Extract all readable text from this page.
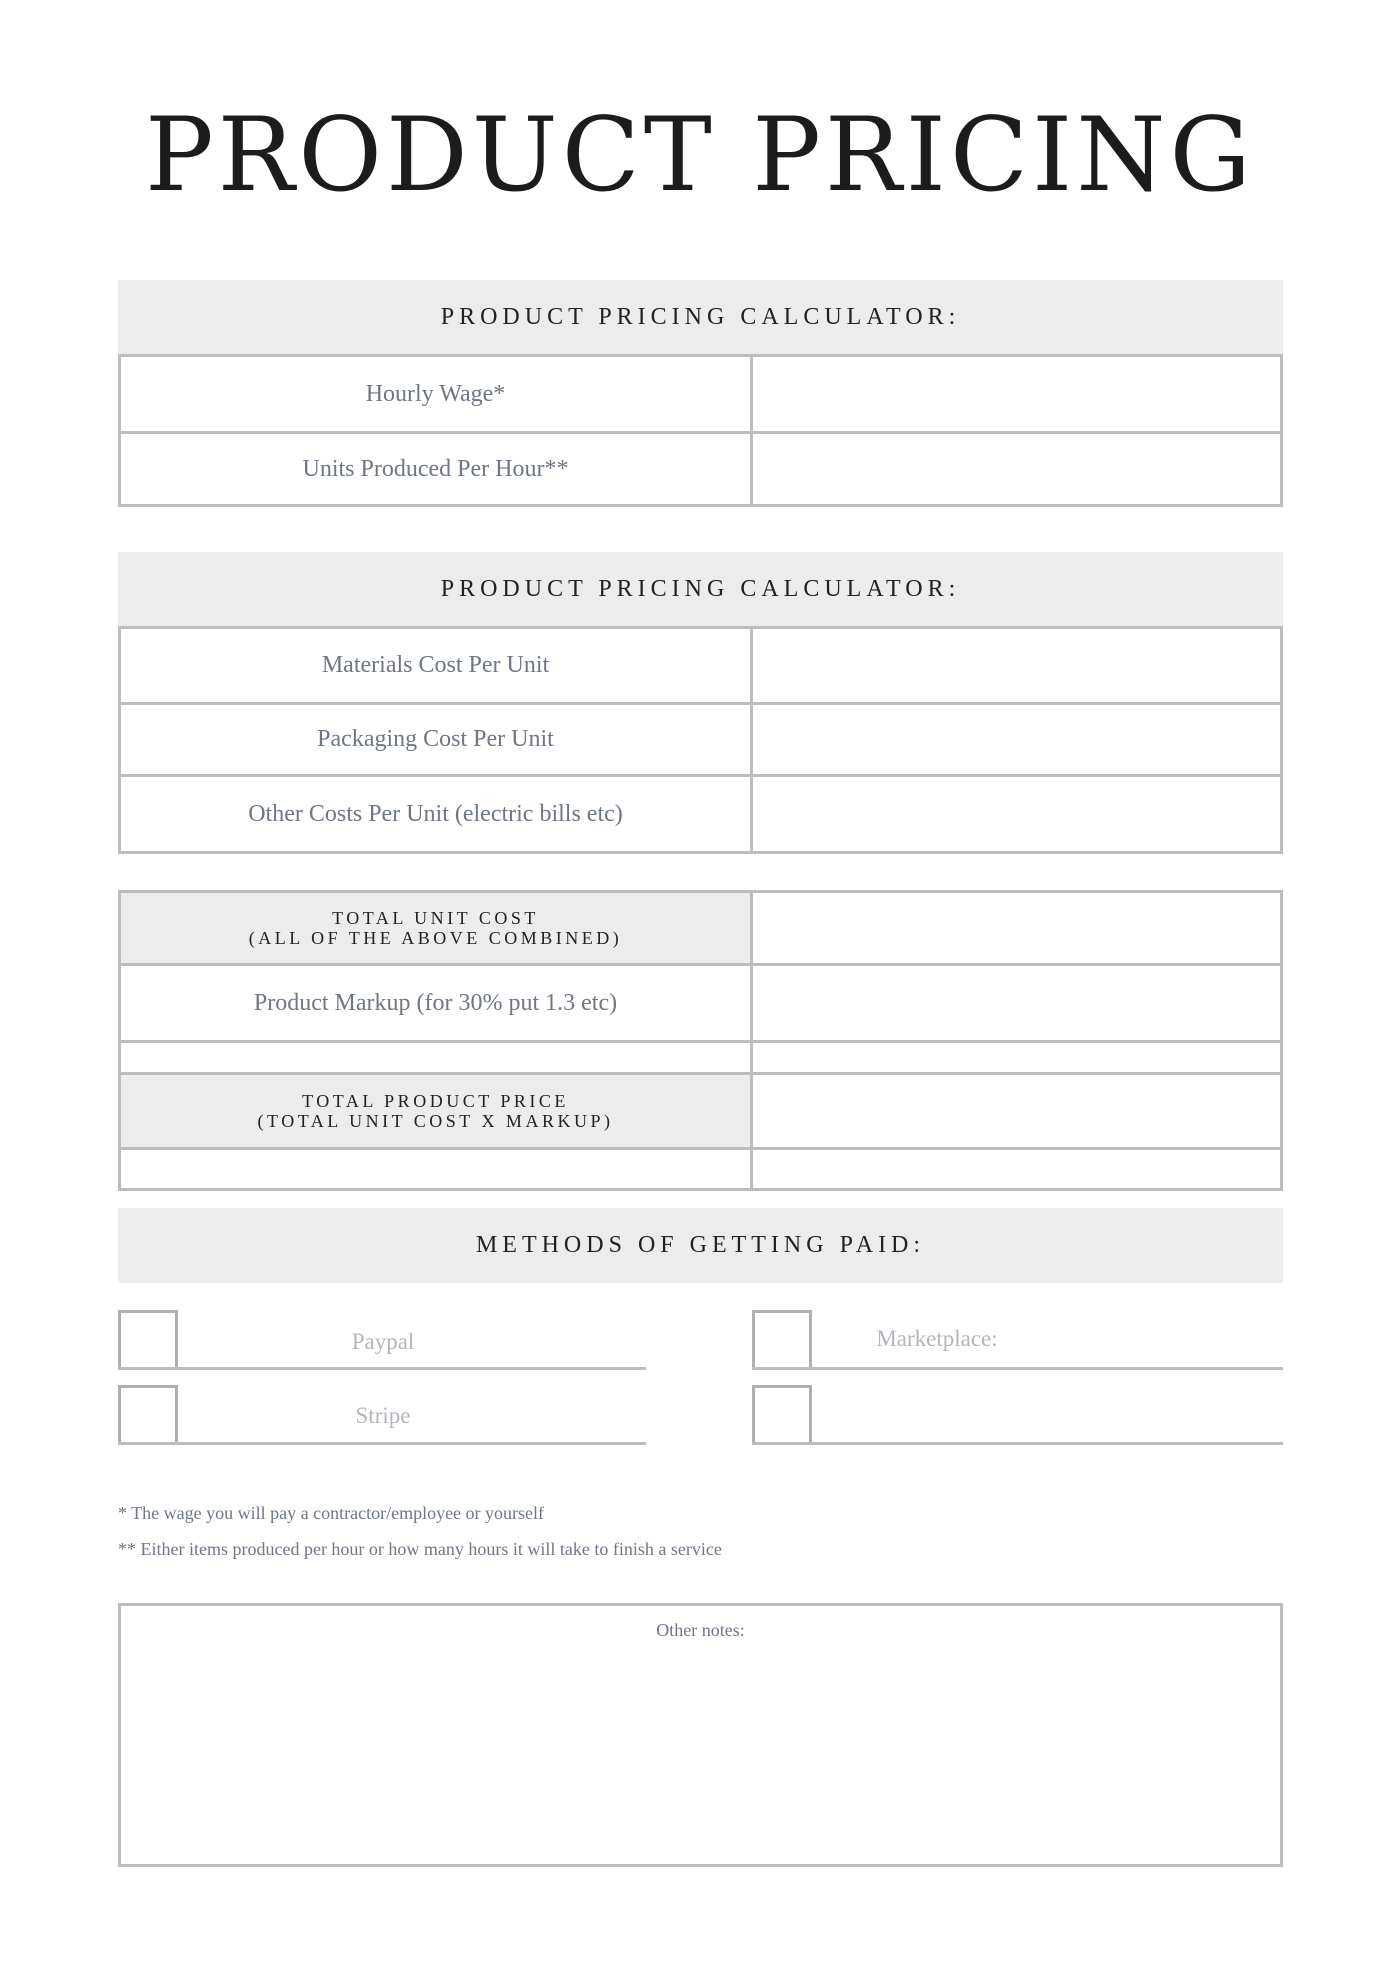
PRODUCT PRICING
PRODUCT PRICING CALCULATOR:
Hourly Wage*
Units Produced Per Hour**
PRODUCT PRICING CALCULATOR:
Materials Cost Per Unit
Packaging Cost Per Unit
Other Costs Per Unit (electric bills etc)
TOTAL UNIT COST
(ALL OF THE ABOVE COMBINED)
Product Markup (for 30% put 1.3 etc)
TOTAL PRODUCT PRICE
(TOTAL UNIT COST X MARKUP)
METHODS OF GETTING PAID:
Paypal
Stripe
Marketplace:
* The wage you will pay a contractor/employee or yourself
** Either items produced per hour or how many hours it will take to finish a service
Other notes:
